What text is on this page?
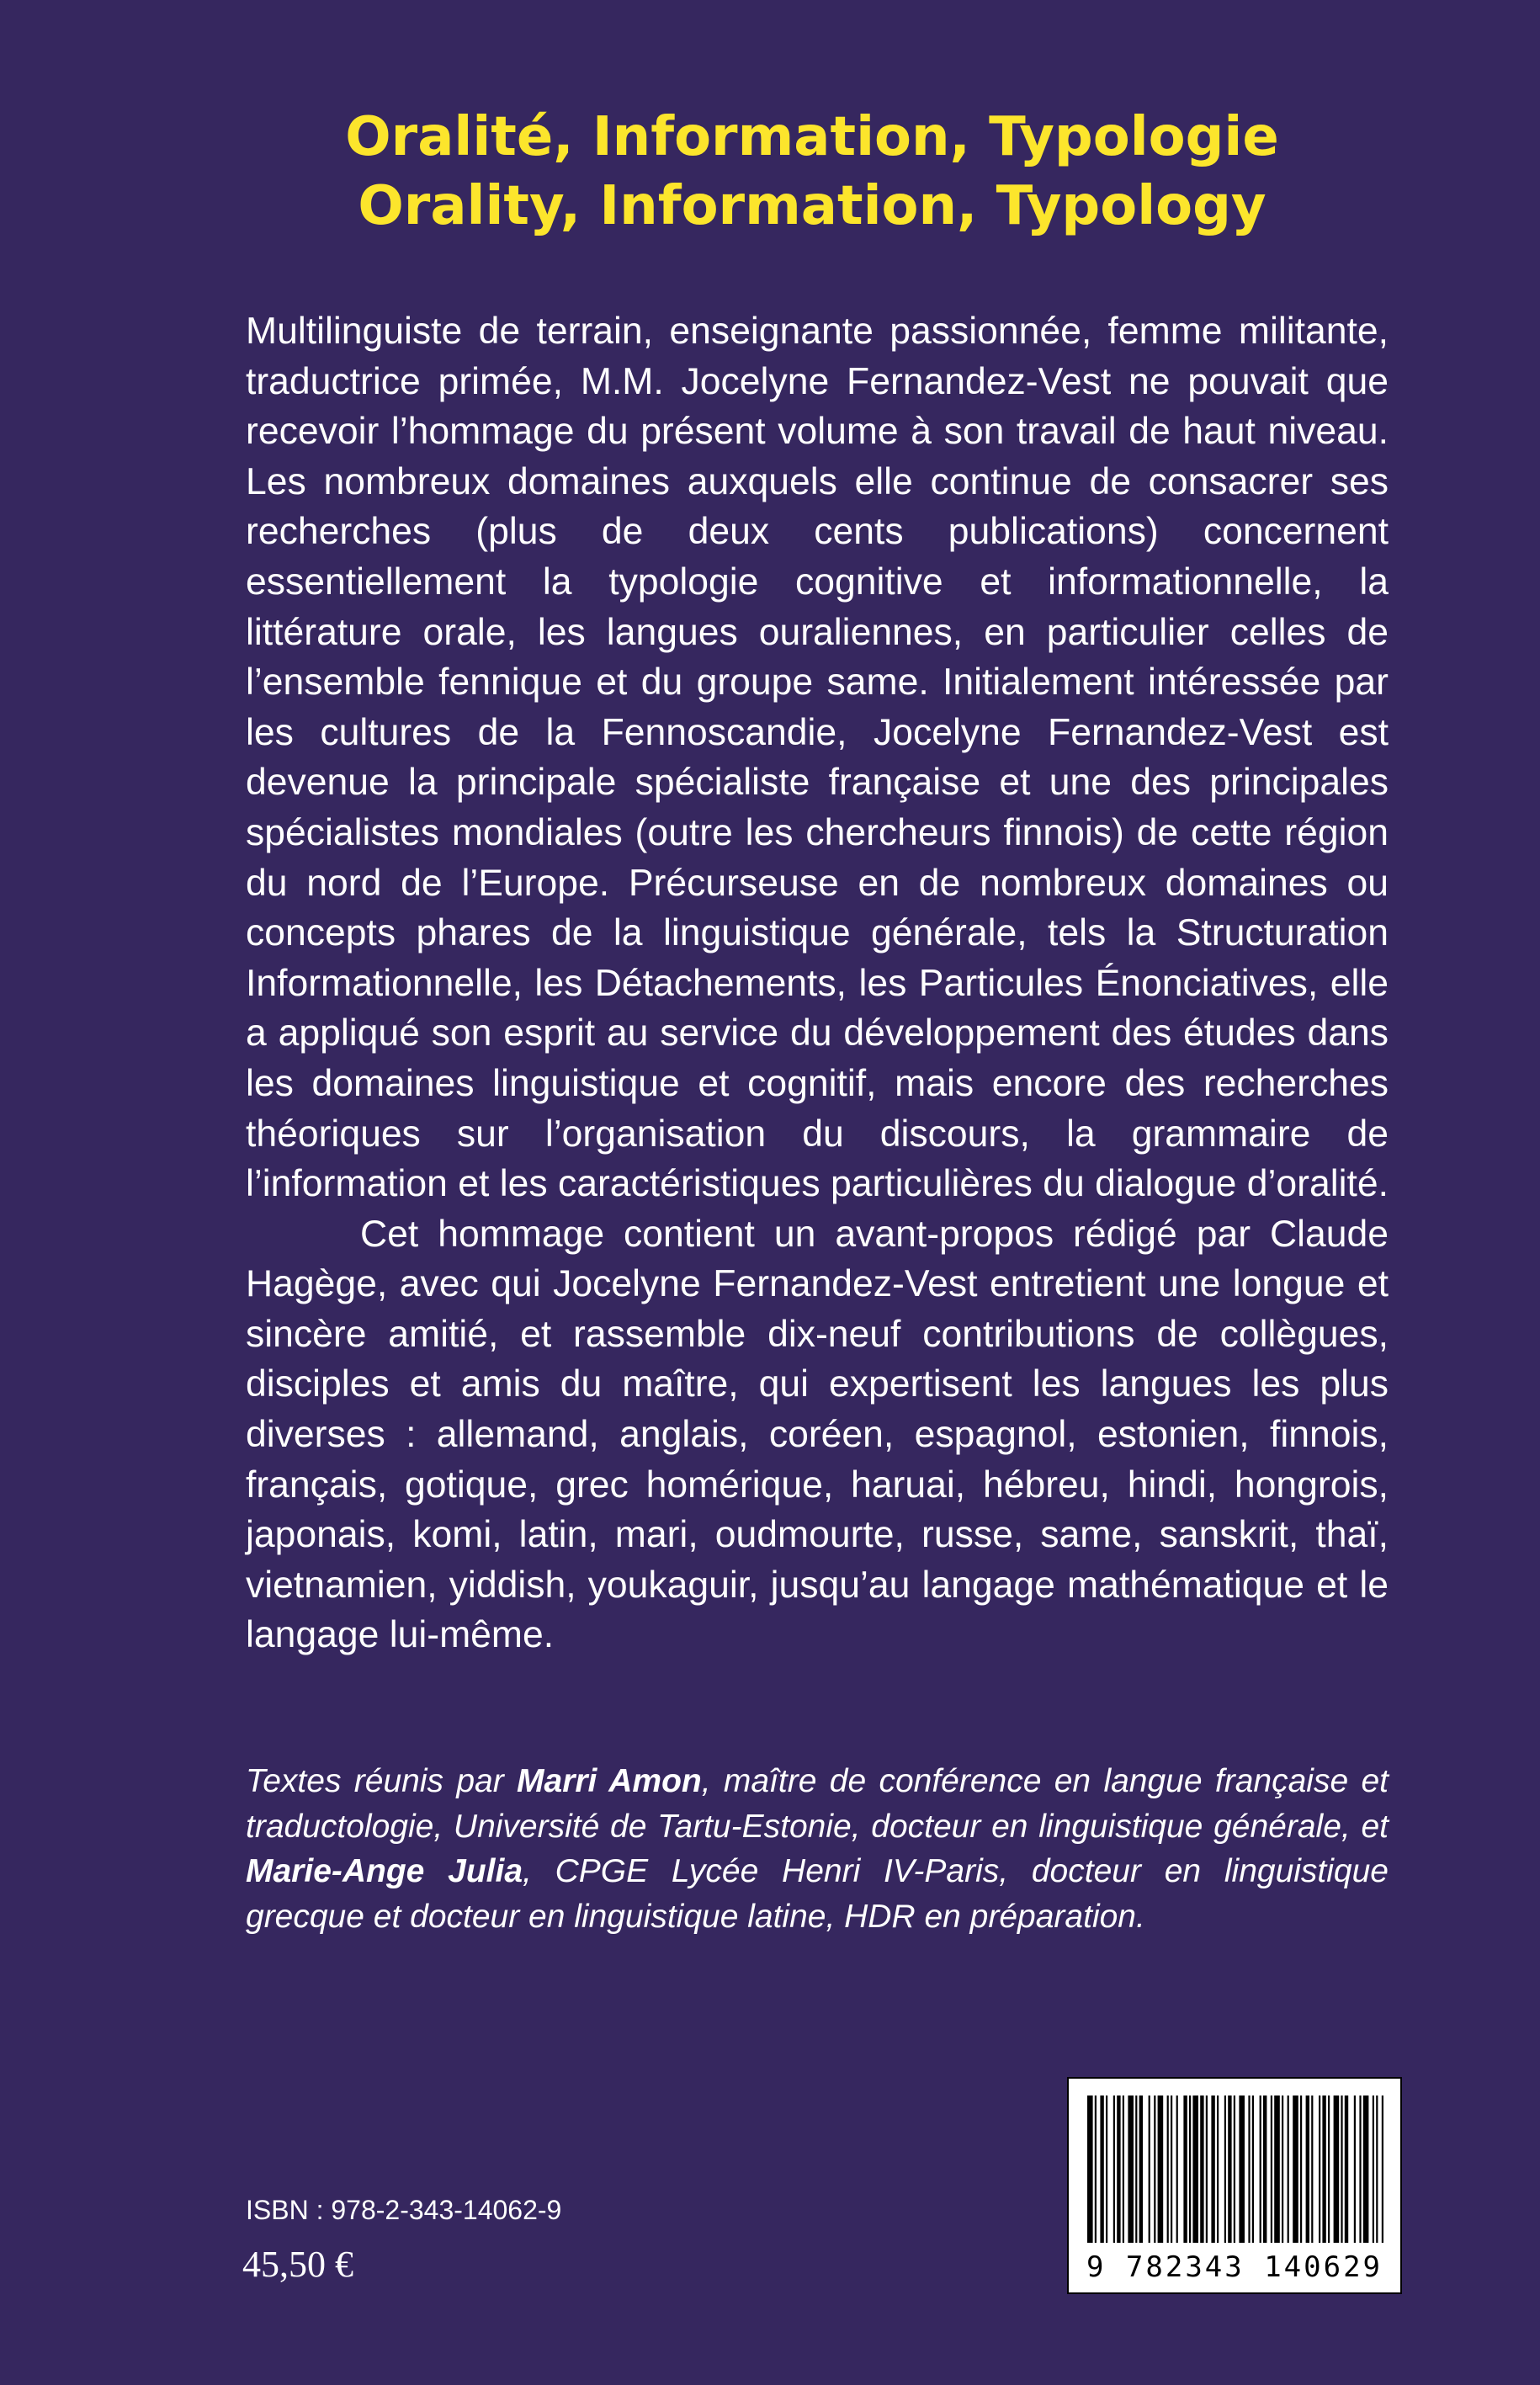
Oralité, Information, Typologie

Orality, Information, Typology

Multilinguiste de terrain, enseignante passionnée, femme militante, traductrice primée, M.M. Jocelyne Fernandez-Vest ne pouvait que recevoir l’hommage du présent volume à son travail de haut niveau. Les nombreux domaines auxquels elle continue de consacrer ses recherches (plus de deux cents publications) concernent essentiellement la typologie cognitive et informationnelle, la littérature orale, les langues ouraliennes, en particulier celles de l’ensemble fennique et du groupe same. Initialement intéressée par les cultures de la Fennoscandie, Jocelyne Fernandez-Vest est devenue la principale spécialiste française et une des principales spécialistes mondiales (outre les chercheurs finnois) de cette région du nord de l’Europe. Précurseuse en de nombreux domaines ou concepts phares de la linguistique générale, tels la Structuration Informationnelle, les Détachements, les Particules Énonciatives, elle a appliqué son esprit au service du développement des études dans les domaines linguistique et cognitif, mais encore des recherches théoriques sur l’organisation du discours, la grammaire de l’information et les caractéristiques particulières du dialogue d’oralité.

Cet hommage contient un avant-propos rédigé par Claude Hagège, avec qui Jocelyne Fernandez-Vest entretient une longue et sincère amitié, et rassemble dix-neuf contributions de collègues, disciples et amis du maître, qui expertisent les langues les plus diverses : allemand, anglais, coréen, espagnol, estonien, finnois, français, gotique, grec homérique, haruai, hébreu, hindi, hongrois, japonais, komi, latin, mari, oudmourte, russe, same, sanskrit, thaï, vietnamien, yiddish, youkaguir, jusqu’au langage mathématique et le langage lui-même.

Textes réunis par Marri Amon, maître de conférence en langue française et traductologie, Université de Tartu-Estonie, docteur en linguistique générale, et Marie-Ange Julia, CPGE Lycée Henri IV-Paris, docteur en linguistique grecque et docteur en linguistique latine, HDR en préparation.
9 782343 140629
ISBN : 978-2-343-14062-9
45,50 €
